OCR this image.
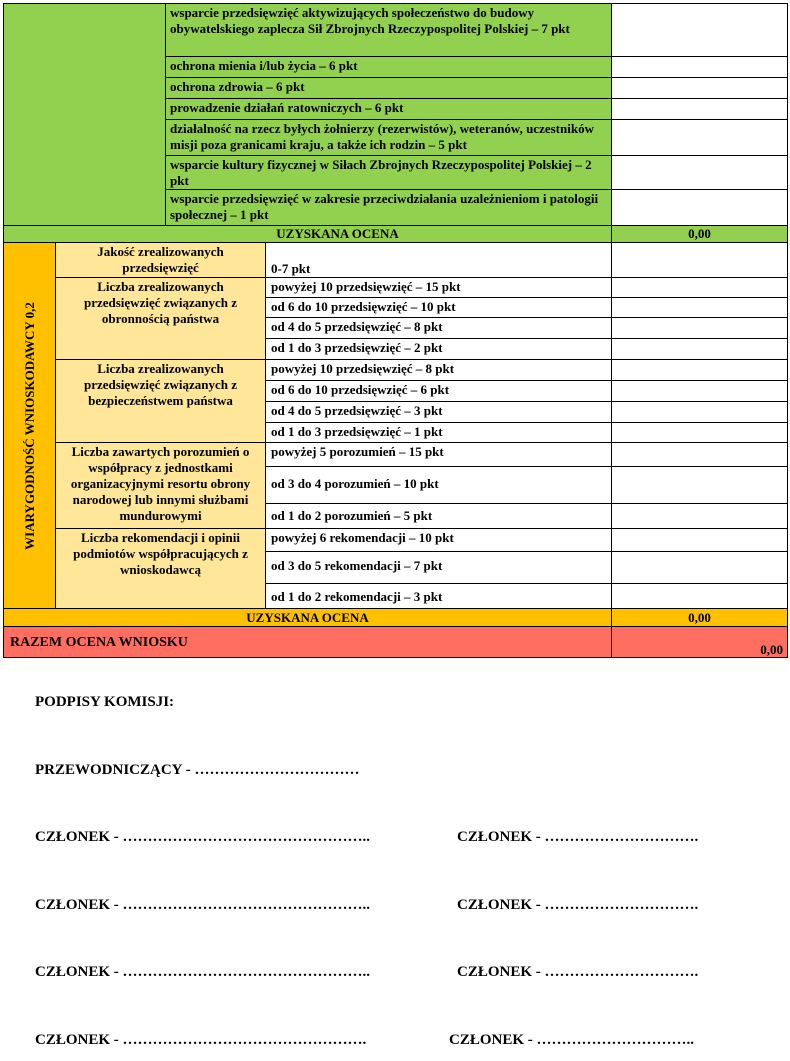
wsparcie przedsięwzięć aktywizujących społeczeństwo do budowy obywatelskiego zaplecza Sił Zbrojnych Rzeczypospolitej Polskiej – 7 pkt
ochrona mienia i/lub życia – 6 pkt
ochrona zdrowia – 6 pkt
prowadzenie działań ratowniczych – 6 pkt
działalność na rzecz byłych żołnierzy (rezerwistów), weteranów, uczestników misji poza granicami kraju, a także ich rodzin – 5 pkt
wsparcie kultury fizycznej w Siłach Zbrojnych Rzeczypospolitej Polskiej – 2 pkt
wsparcie przedsięwzięć w zakresie przeciwdziałania uzależnieniom i patologii społecznej – 1 pkt
UZYSKANA OCENA	0,00
WIARYGODNOŚĆ WNIOSKODAWCY 0,2
Jakość zrealizowanych przedsięwzięć	0-7 pkt
Liczba zrealizowanych przedsięwzięć związanych z obronnością państwa
powyżej 10 przedsięwzięć – 15 pkt
od 6 do 10 przedsięwzięć – 10 pkt
od 4 do 5 przedsięwzięć – 8 pkt
od 1 do 3 przedsięwzięć – 2 pkt
Liczba zrealizowanych przedsięwzięć związanych z bezpieczeństwem państwa
powyżej 10 przedsięwzięć – 8 pkt
od 6 do 10 przedsięwzięć – 6 pkt
od 4 do 5 przedsięwzięć – 3 pkt
od 1 do 3 przedsięwzięć – 1 pkt
Liczba zawartych porozumień o współpracy z jednostkami organizacyjnymi resortu obrony narodowej lub innymi służbami mundurowymi
powyżej 5 porozumień – 15 pkt
od 3 do 4 porozumień – 10 pkt
od 1 do 2 porozumień – 5 pkt
Liczba rekomendacji i opinii podmiotów współpracujących z wnioskodawcą
powyżej 6 rekomendacji – 10 pkt
od 3 do 5 rekomendacji – 7 pkt
od 1 do 2 rekomendacji – 3 pkt
UZYSKANA OCENA	0,00
RAZEM OCENA WNIOSKU	0,00
PODPISY KOMISJI:
PRZEWODNICZĄCY - ……………………………
CZŁONEK - …………………………………………..	CZŁONEK - ………………………….
CZŁONEK - …………………………………………..	CZŁONEK - ………………………….
CZŁONEK - …………………………………………..	CZŁONEK - ………………………….
CZŁONEK - ………………………………………….	CZŁONEK - …………………………..
